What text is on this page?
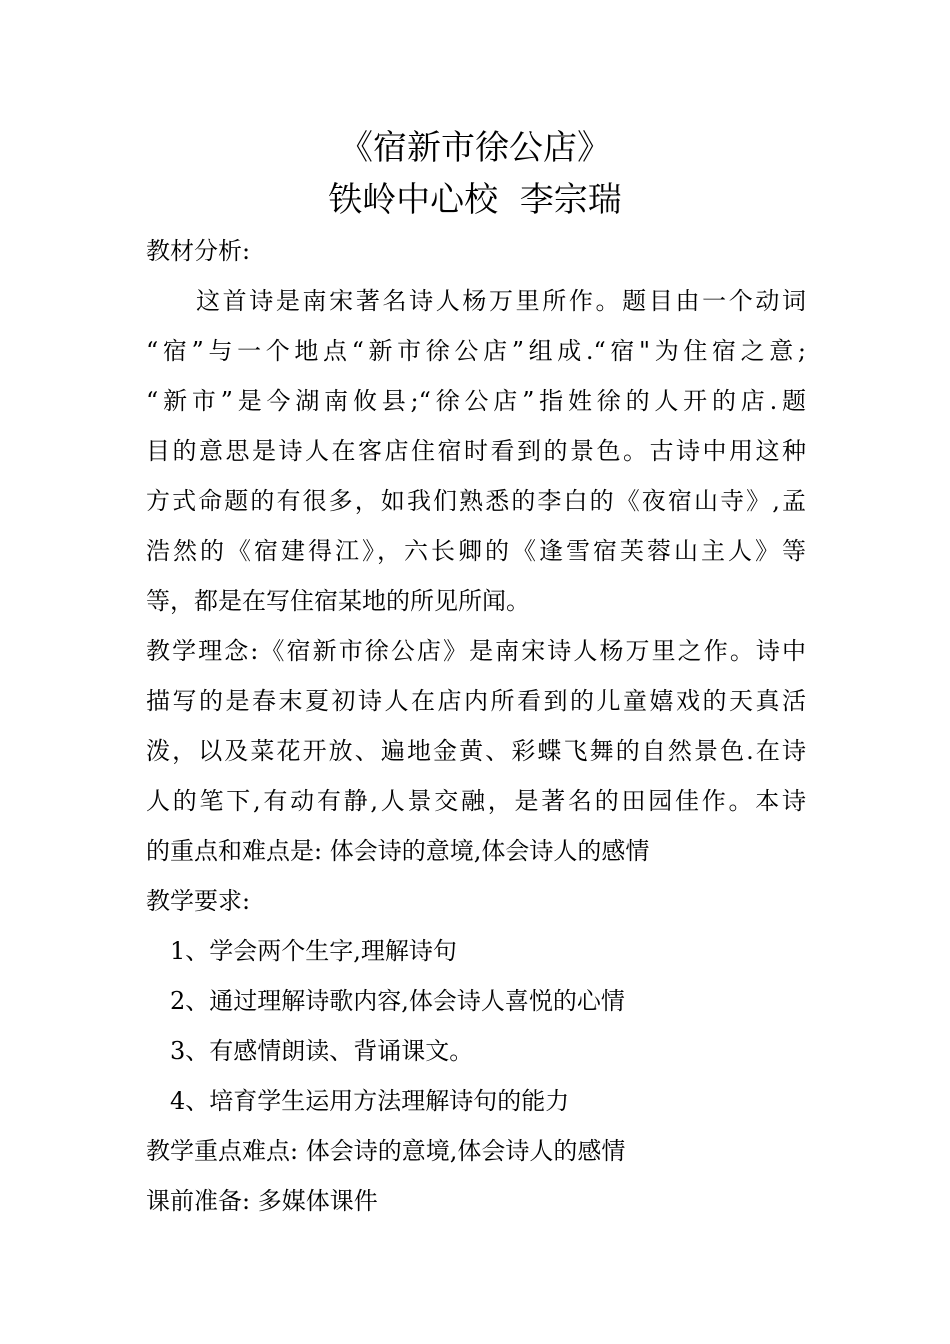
《宿新市徐公店》
铁岭中心校  李宗瑞
教材分析:
这首诗是南宋著名诗人杨万里所作。题目由一个动词
“宿”与一个地点“新市徐公店”组成.“宿"为住宿之意;
“新市”是今湖南攸县;“徐公店”指姓徐的人开的店.题
目的意思是诗人在客店住宿时看到的景色。古诗中用这种
方式命题的有很多，如我们熟悉的李白的《夜宿山寺》,孟
浩然的《宿建得江》，六长卿的《逢雪宿芙蓉山主人》等
等，都是在写住宿某地的所见所闻。
教学理念:《宿新市徐公店》是南宋诗人杨万里之作。诗中
描写的是春末夏初诗人在店内所看到的儿童嬉戏的天真活
泼，以及菜花开放、遍地金黄、彩蝶飞舞的自然景色.在诗
人的笔下,有动有静,人景交融，是著名的田园佳作。本诗
的重点和难点是: 体会诗的意境,体会诗人的感情
教学要求:
1、学会两个生字,理解诗句
2、通过理解诗歌内容,体会诗人喜悦的心情
3、有感情朗读、背诵课文。
4、培育学生运用方法理解诗句的能力
教学重点难点: 体会诗的意境,体会诗人的感情
课前准备: 多媒体课件
